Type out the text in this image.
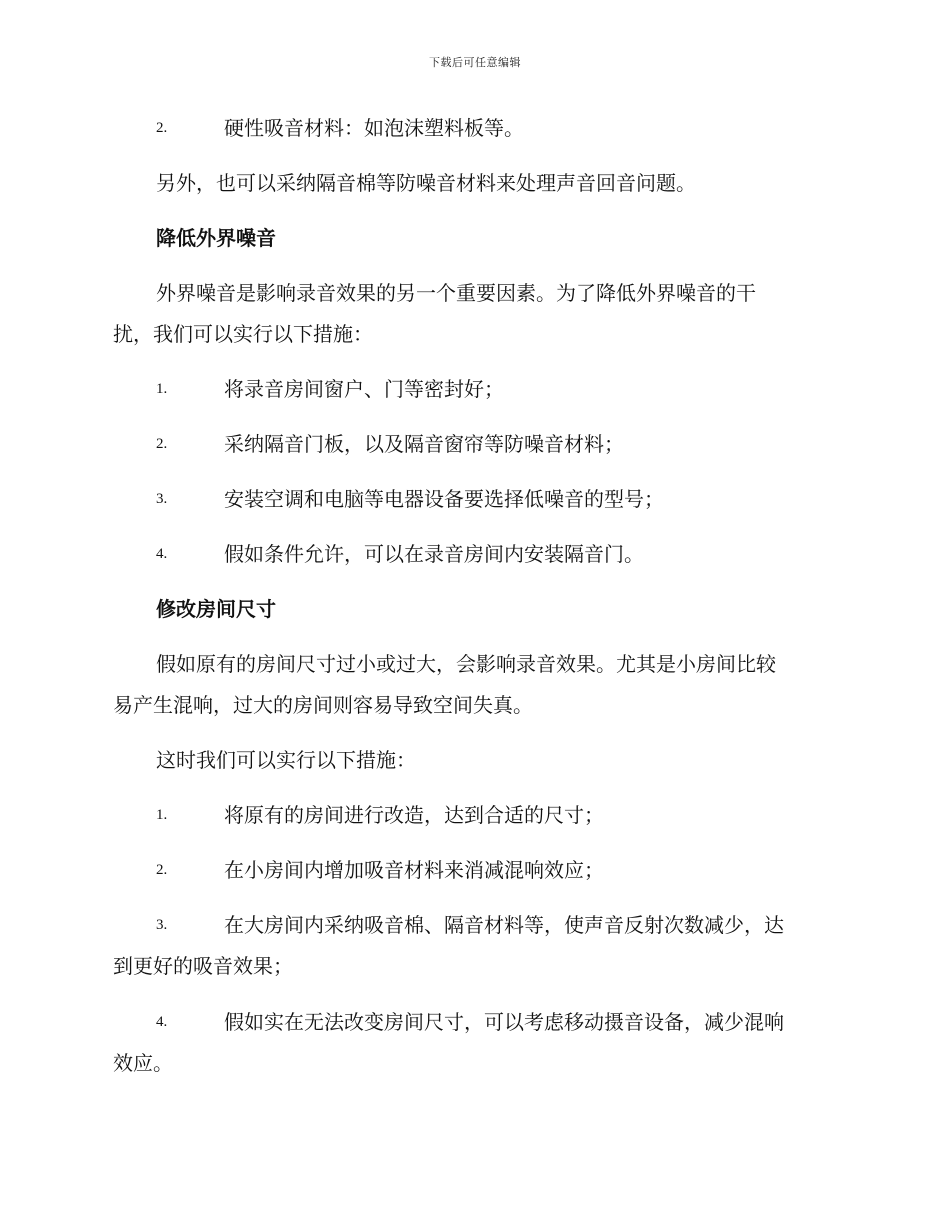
下载后可任意编辑
2.	硬性吸音材料：如泡沫塑料板等。
另外，也可以采纳隔音棉等防噪音材料来处理声音回音问题。
降低外界噪音
外界噪音是影响录音效果的另一个重要因素。为了降低外界噪音的干
扰，我们可以实行以下措施：
1.	将录音房间窗户、门等密封好；
2.	采纳隔音门板，以及隔音窗帘等防噪音材料；
3.	安装空调和电脑等电器设备要选择低噪音的型号；
4.	假如条件允许，可以在录音房间内安装隔音门。
修改房间尺寸
假如原有的房间尺寸过小或过大，会影响录音效果。尤其是小房间比较
易产生混响，过大的房间则容易导致空间失真。
这时我们可以实行以下措施：
1.	将原有的房间进行改造，达到合适的尺寸；
2.	在小房间内增加吸音材料来消减混响效应；
3.	在大房间内采纳吸音棉、隔音材料等，使声音反射次数减少，达
到更好的吸音效果；
4.	假如实在无法改变房间尺寸，可以考虑移动摄音设备，减少混响
效应。
